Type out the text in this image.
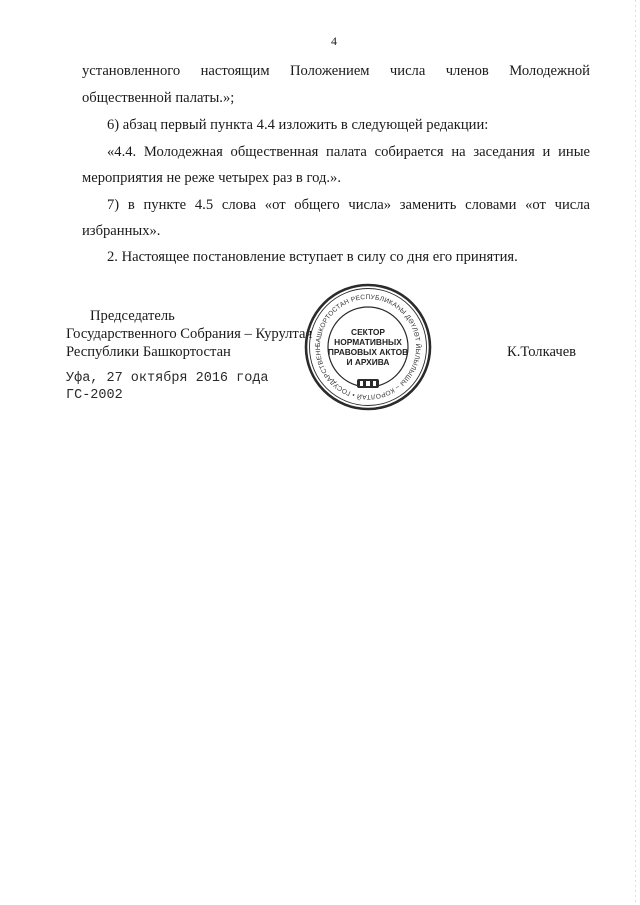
4

установленного настоящим Положением числа членов Молодежной

общественной палаты.»;

6) абзац первый пункта 4.4 изложить в следующей редакции:

«4.4. Молодежная общественная палата собирается на заседания и иные

мероприятия не реже четырех раз в год.».

7) в пункте 4.5 слова «от общего числа» заменить словами «от числа

избранных».

2. Настоящее постановление вступает в силу со дня его принятия.

Председатель
Государственного Собрания – Курултая
Республики Башкортостан	К.Толкачев
БАШКОРТОСТАН РЕСПУБЛИКАҺЫ ДӘҮЛӘТ ЙЫЛЫЛЫШЫ – КОРОЛТАЙ • ГОСУДАРСТВЕНН
СЕКТОР
НОРМАТИВНЫХ
ПРАВОВЫХ АКТОВ
И АРХИВА
Уфа, 27 октября 2016 года
ГС-2002
